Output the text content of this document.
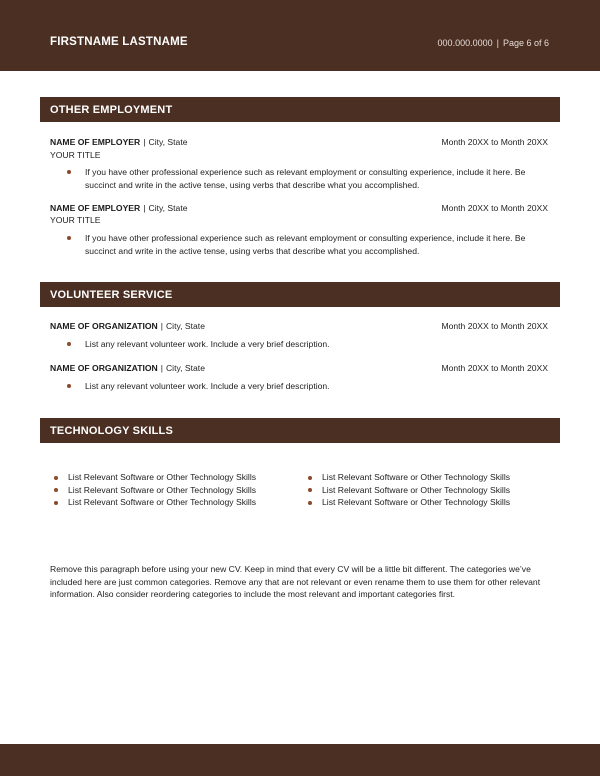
FIRSTNAME LASTNAME	000.000.0000 | Page 6 of 6
OTHER EMPLOYMENT
NAME OF EMPLOYER | City, State	Month 20XX to Month 20XX
YOUR TITLE
If you have other professional experience such as relevant employment or consulting experience, include it here. Be succinct and write in the active tense, using verbs that describe what you accomplished.
NAME OF EMPLOYER | City, State	Month 20XX to Month 20XX
YOUR TITLE
If you have other professional experience such as relevant employment or consulting experience, include it here. Be succinct and write in the active tense, using verbs that describe what you accomplished.
VOLUNTEER SERVICE
NAME OF ORGANIZATION | City, State	Month 20XX to Month 20XX
List any relevant volunteer work. Include a very brief description.
NAME OF ORGANIZATION | City, State	Month 20XX to Month 20XX
List any relevant volunteer work. Include a very brief description.
TECHNOLOGY SKILLS
List Relevant Software or Other Technology Skills
List Relevant Software or Other Technology Skills
List Relevant Software or Other Technology Skills
List Relevant Software or Other Technology Skills
List Relevant Software or Other Technology Skills
List Relevant Software or Other Technology Skills
Remove this paragraph before using your new CV. Keep in mind that every CV will be a little bit different. The categories we’ve included here are just common categories. Remove any that are not relevant or even rename them to use them for other relevant information. Also consider reordering categories to include the most relevant and important categories first.
